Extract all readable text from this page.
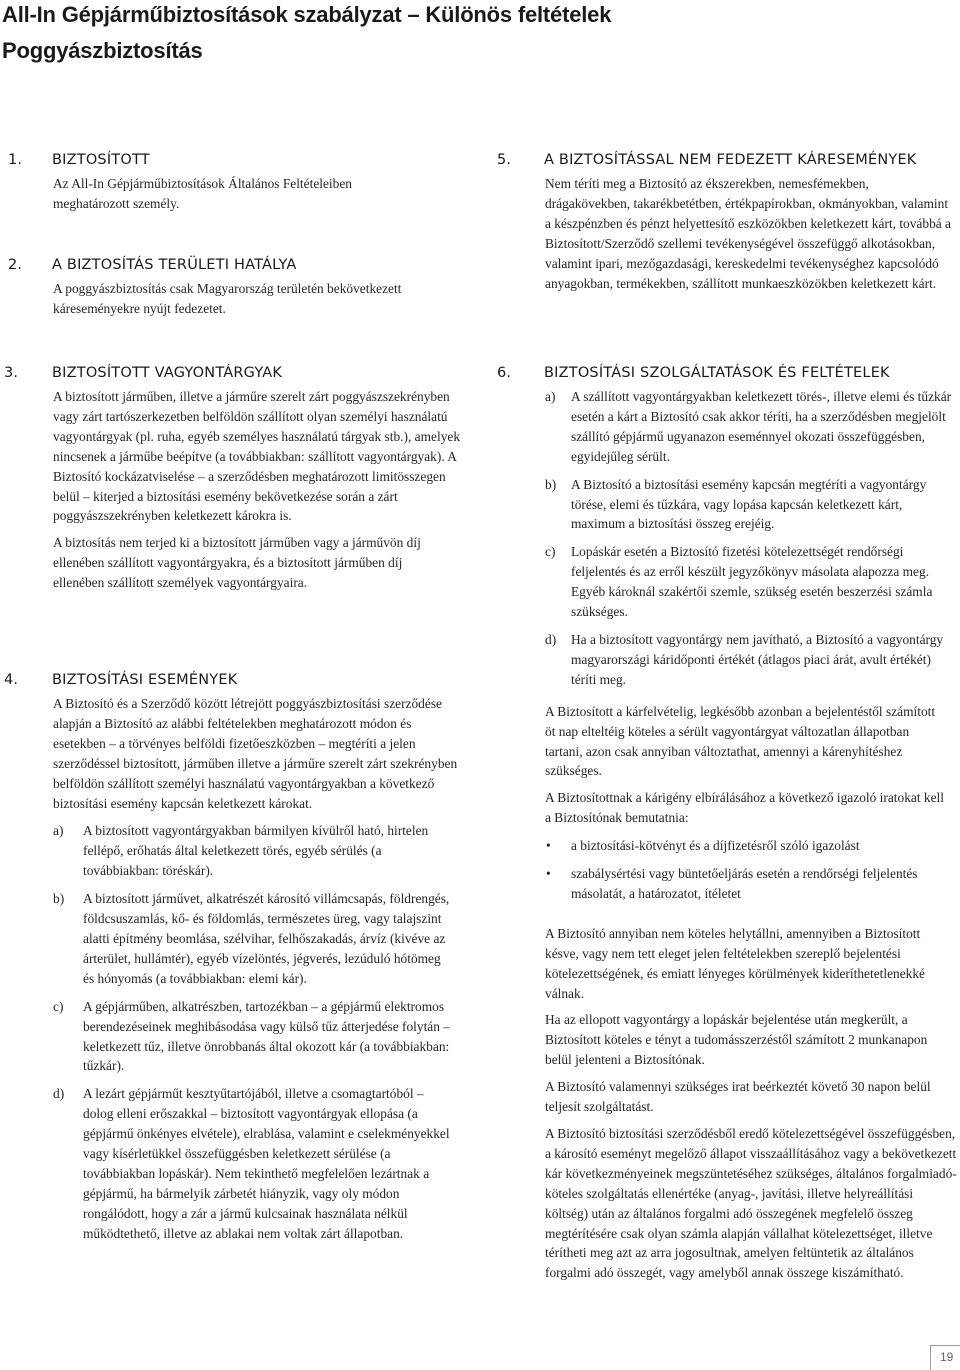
All-In Gépjárműbiztosítások szabályzat – Különös feltételek
Poggyászbiztosítás
1. BIZTOSÍTOTT

Az All-In Gépjárműbiztosítások Általános Feltételeiben meghatározott személy.

2. A BIZTOSÍTÁS TERÜLETI HATÁLYA

A poggyászbiztosítás csak Magyarország területén bekövetkezett káreseményekre nyújt fedezetet.

3. BIZTOSÍTOTT VAGYONTÁRGYAK

A biztosított járműben, illetve a járműre szerelt zárt poggyászszekrényben vagy zárt tartószerkezetben belföldön szállított olyan személyi használatú vagyontárgyak (pl. ruha, egyéb személyes használatú tárgyak stb.), amelyek nincsenek a járműbe beépítve (a továbbiakban: szállított vagyontárgyak). A Biztosító kockázatviselése – a szerződésben meghatározott limitösszegen belül – kiterjed a biztosítási esemény bekövetkezése során a zárt poggyászszekrényben keletkezett károkra is.

A biztosítás nem terjed ki a biztosított járműben vagy a járművön díj ellenében szállított vagyontárgyakra, és a biztosított járműben díj ellenében szállított személyek vagyontárgyaira.

4. BIZTOSÍTÁSI ESEMÉNYEK

A Biztosító és a Szerződő között létrejött poggyászbiztosítási szerződése alapján a Biztosító az alábbi feltételekben meghatározott módon és esetekben – a törvényes belföldi fizetőeszközben – megtéríti a jelen szerződéssel biztosított, járműben illetve a járműre szerelt zárt szekrényben belföldön szállított személyi használatú vagyontárgyakban a következő biztosítási esemény kapcsán keletkezett károkat.

a) A biztosított vagyontárgyakban bármilyen kívülről ható, hirtelen fellépő, erőhatás által keletkezett törés, egyéb sérülés (a továbbiakban: töréskár).

b) A biztosított járművet, alkatrészét károsító villámcsapás, földrengés, földcsuszamlás, kő- és földomlás, természetes üreg, vagy talajszint alatti építmény beomlása, szélvihar, felhőszakadás, árvíz (kivéve az árterület, hullámtér), egyéb vízelöntés, jégverés, lezúduló hótömeg és hónyomás (a továbbiakban: elemi kár).

c) A gépjárműben, alkatrészben, tartozékban – a gépjármű elektromos berendezéseinek meghibásodása vagy külső tűz átterjedése folytán – keletkezett tűz, illetve önrobbanás által okozott kár (a továbbiakban: tűzkár).

d) A lezárt gépjárműt kesztyűtartójából, illetve a csomagtartóból – dolog elleni erőszakkal – biztosított vagyontárgyak ellopása (a gépjármű önkényes elvétele), elrablása, valamint e cselekményekkel vagy kísérletükkel összefüggésben keletkezett sérülése (a továbbiakban lopáskár). Nem tekinthető megfelelően lezártnak a gépjármű, ha bármelyik zárbetét hiányzik, vagy oly módon rongálódott, hogy a zár a jármű kulcsainak használata nélkül működtethető, illetve az ablakai nem voltak zárt állapotban.

5. A BIZTOSÍTÁSSAL NEM FEDEZETT KÁRESEMÉNYEK

Nem téríti meg a Biztosító az ékszerekben, nemesfémekben, drágakövekben, takarékbetétben, értékpapírokban, okmányokban, valamint a készpénzben és pénzt helyettesítő eszközökben keletkezett kárt, továbbá a Biztosított/Szerződő szellemi tevékenységével összefüggő alkotásokban, valamint ipari, mezőgazdasági, kereskedelmi tevékenységhez kapcsolódó anyagokban, termékekben, szállított munkaeszközökben keletkezett kárt.

6. BIZTOSÍTÁSI SZOLGÁLTATÁSOK ÉS FELTÉTELEK
a) A szállított vagyontárgyakban keletkezett törés-, illetve elemi és tűzkár esetén a kárt a Biztosító csak akkor téríti, ha a szerződésben megjelölt szállító gépjármű ugyanazon eseménnyel okozati összefüggésben, egyidejűleg sérült.

b) A Biztosító a biztosítási esemény kapcsán megtéríti a vagyontárgy törése, elemi és tűzkára, vagy lopása kapcsán keletkezett kárt, maximum a biztosítási összeg erejéig.

c) Lopáskár esetén a Biztosító fizetési kötelezettségét rendőrségi feljelentés és az erről készült jegyzőkönyv másolata alapozza meg. Egyéb károknál szakértői szemle, szükség esetén beszerzési számla szükséges.

d) Ha a biztosított vagyontárgy nem javítható, a Biztosító a vagyontárgy magyarországi káridőponti értékét (átlagos piaci árát, avult értékét) téríti meg.

A Biztosított a kárfelvételig, legkésőbb azonban a bejelentéstől számított öt nap elteltéig köteles a sérült vagyontárgyat változatlan állapotban tartani, azon csak annyiban változtathat, amennyi a kárenyhítéshez szükséges.

A Biztosítottnak a kárigény elbírálásához a következő igazoló iratokat kell a Biztosítónak bemutatnia:

• a biztosítási-kötvényt és a díjfizetésről szóló igazolást

• szabálysértési vagy büntetőeljárás esetén a rendőrségi feljelentés másolatát, a határozatot, ítéletet

A Biztosító annyiban nem köteles helytállni, amennyiben a Biztosított késve, vagy nem tett eleget jelen feltételekben szereplő bejelentési kötelezettségének, és emiatt lényeges körülmények kideríthetetlenekké válnak.

Ha az ellopott vagyontárgy a lopáskár bejelentése után megkerült, a Biztosított köteles e tényt a tudomásszerzéstől számított 2 munkanapon belül jelenteni a Biztosítónak.

A Biztosító valamennyi szükséges irat beérkeztét követő 30 napon belül teljesít szolgáltatást.

A Biztosító biztosítási szerződésből eredő kötelezettségével összefüggésben, a károsító eseményt megelőző állapot visszaállításához vagy a bekövetkezett kár következményeinek megszüntetéséhez szükséges, általános forgalmiadó-köteles szolgáltatás ellenértéke (anyag-, javítási, illetve helyreállítási költség) után az általános forgalmi adó összegének megfelelő összeg megtérítésére csak olyan számla alapján vállalhat kötelezettséget, illetve térítheti meg azt az arra jogosultnak, amelyen feltüntetik az általános forgalmi adó összegét, vagy amelyből annak összege kiszámítható.

19
